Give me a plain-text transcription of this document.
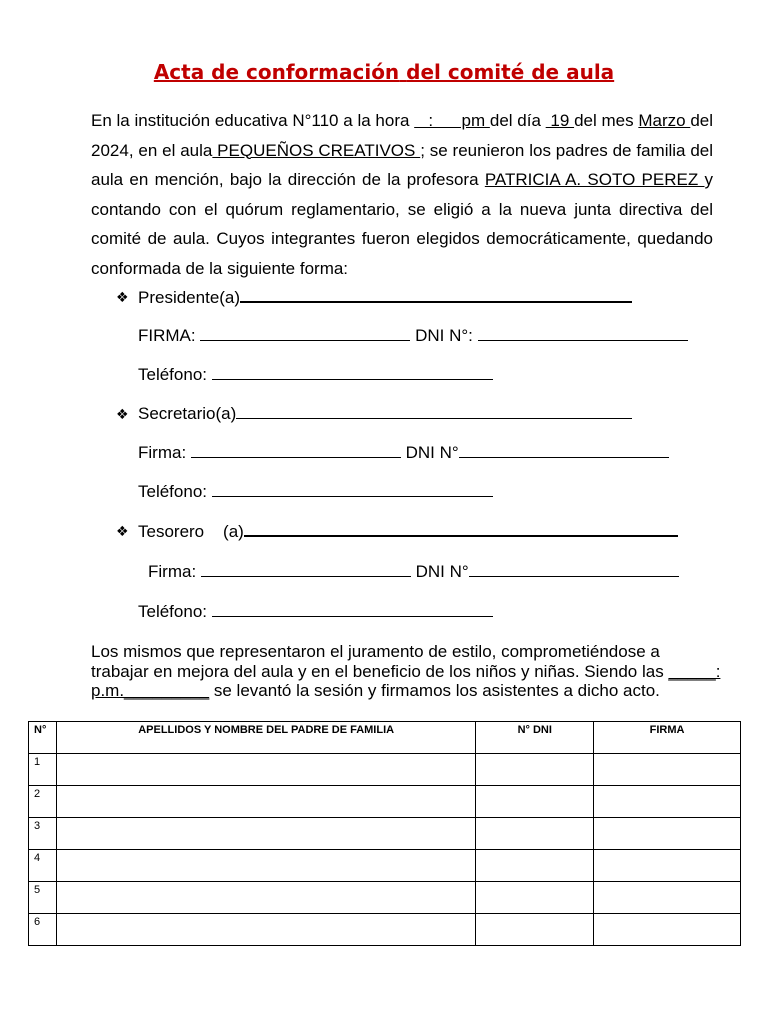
Acta de conformación del comité de aula
En la institución educativa N°110 a la hora    :      pm del día  19 del mes Marzo del 2024, en el aula PEQUEÑOS CREATIVOS ; se reunieron los padres de familia del aula en mención, bajo la dirección de la profesora PATRICIA A. SOTO PEREZ y contando con el quórum reglamentario, se eligió a la nueva junta directiva del comité de aula. Cuyos integrantes fueron elegidos democráticamente, quedando conformada de la siguiente forma:
❖ Presidente(a)
FIRMA:	DNI N°:
Teléfono:
❖ Secretario(a)
Firma:	DNI N°
Teléfono:
❖ Tesorero    (a)
Firma:	DNI N°
Teléfono:
Los mismos que representaron el juramento de estilo, comprometiéndose a trabajar en mejora del aula y en el beneficio de los niños y niñas. Siendo las _____: p.m._________ se levantó la sesión y firmamos los asistentes a dicho acto.
N°	APELLIDOS Y NOMBRE DEL PADRE DE FAMILIA	N° DNI	FIRMA
1			
2			
3			
4			
5			
6			
